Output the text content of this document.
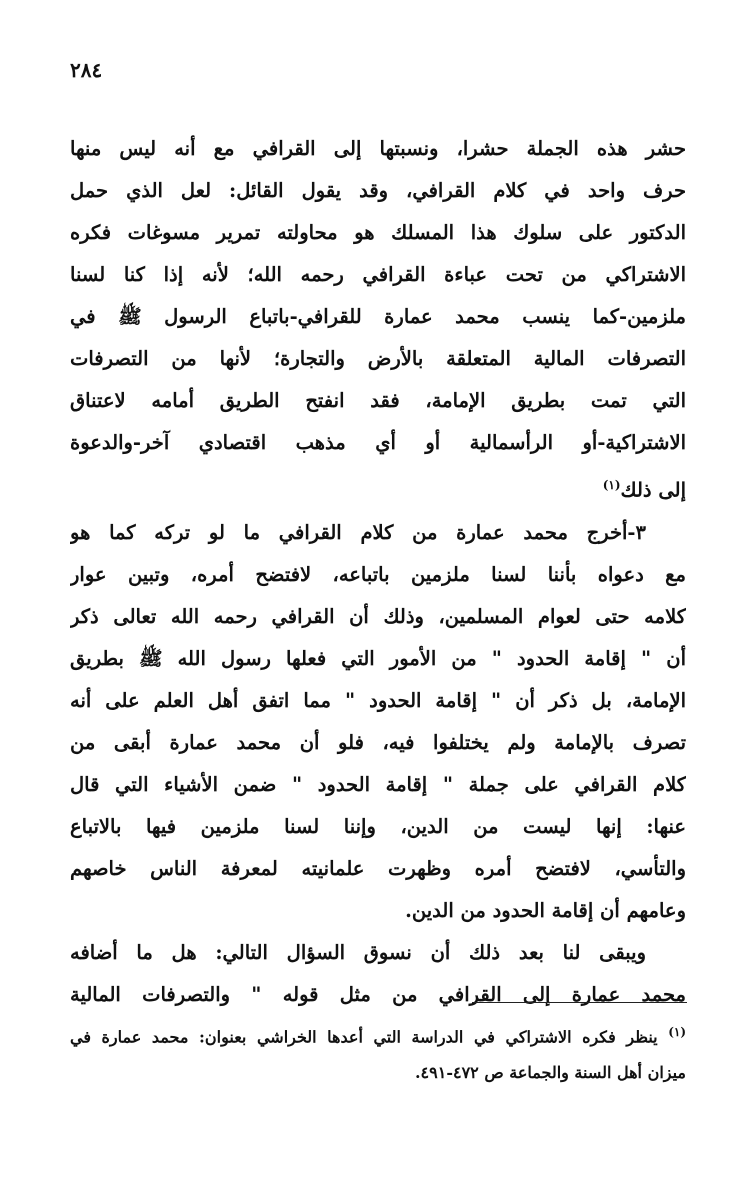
٢٨٤
حشر هذه الجملة حشرا، ونسبتها إلى القرافي مع أنه ليس منها
حرف واحد في كلام القرافي، وقد يقول القائل: لعل الذي حمل
الدكتور على سلوك هذا المسلك هو محاولته تمرير مسوغات فكره
الاشتراكي من تحت عباءة القرافي رحمه الله؛ لأنه إذا كنا لسنا
ملزمين-كما ينسب محمد عمارة للقرافي-باتباع الرسول ﷺ في
التصرفات المالية المتعلقة بالأرض والتجارة؛ لأنها من التصرفات
التي تمت بطريق الإمامة، فقد انفتح الطريق أمامه لاعتناق
الاشتراكية-أو الرأسمالية أو أي مذهب اقتصادي آخر-والدعوة
إلى ذلك$^{(١)}$
٣-أخرج محمد عمارة من كلام القرافي ما لو تركه كما هو
مع دعواه بأننا لسنا ملزمين باتباعه، لافتضح أمره، وتبين عوار
كلامه حتى لعوام المسلمين، وذلك أن القرافي رحمه الله تعالى ذكر
أن " إقامة الحدود " من الأمور التي فعلها رسول الله ﷺ بطريق
الإمامة، بل ذكر أن " إقامة الحدود " مما اتفق أهل العلم على أنه
تصرف بالإمامة ولم يختلفوا فيه، فلو أن محمد عمارة أبقى من
كلام القرافي على جملة " إقامة الحدود " ضمن الأشياء التي قال
عنها: إنها ليست من الدين، وإننا لسنا ملزمين فيها بالاتباع
والتأسي، لافتضح أمره وظهرت علمانيته لمعرفة الناس خاصهم
وعامهم أن إقامة الحدود من الدين.
ويبقى لنا بعد ذلك أن نسوق السؤال التالي: هل ما أضافه
محمد عمارة إلى القرافي من مثل قوله " والتصرفات المالية
$^{(١)}$ ينظر فكره الاشتراكي في الدراسة التي أعدها الخراشي بعنوان: محمد عمارة في
ميزان أهل السنة والجماعة ص ٤٧٢-٤٩١.
